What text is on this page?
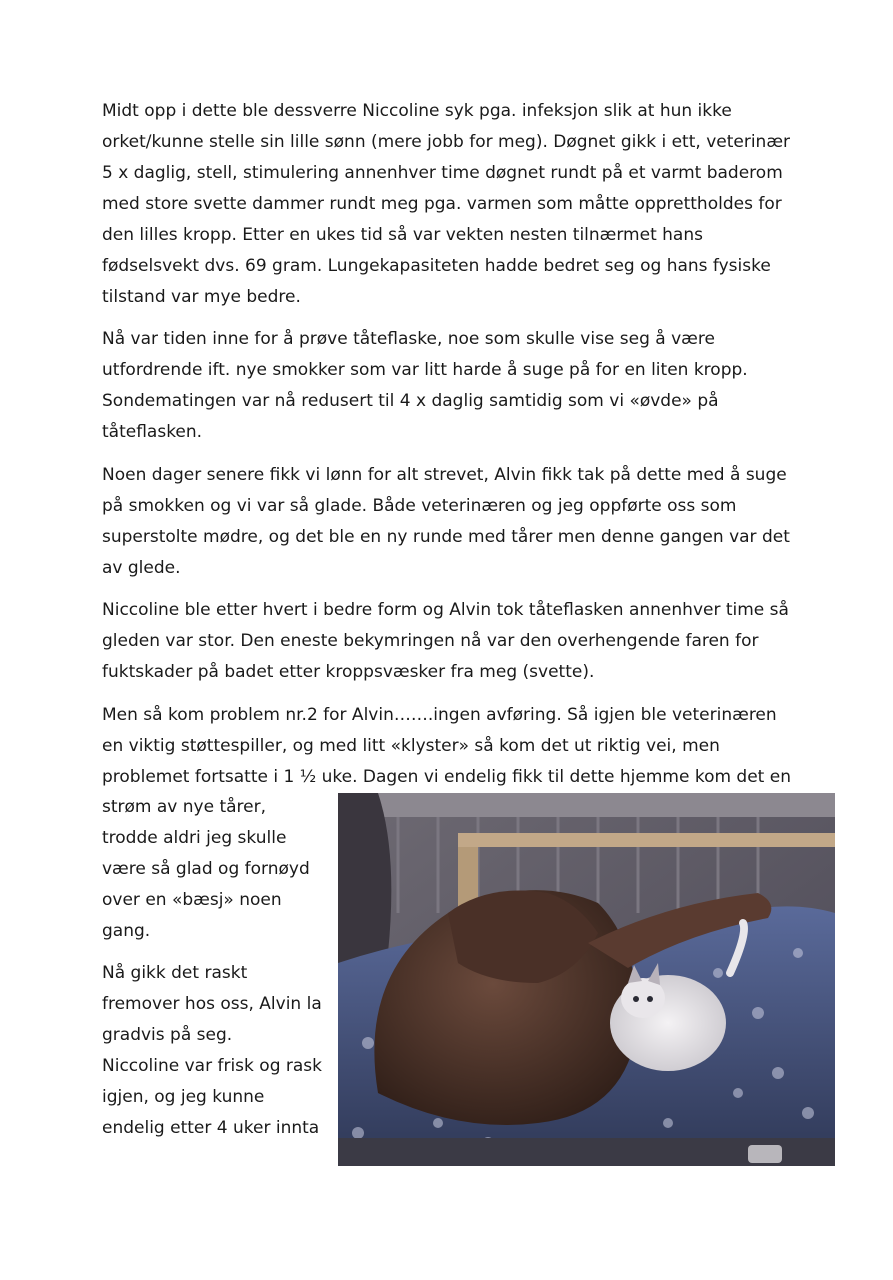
Midt opp i dette ble dessverre Niccoline syk pga. infeksjon slik at hun ikke
orket/kunne stelle sin lille sønn (mere jobb for meg). Døgnet gikk i ett, veterinær
5 x daglig, stell, stimulering annenhver time døgnet rundt på et varmt baderom
med store svette dammer rundt meg pga. varmen som måtte opprettholdes for
den lilles kropp. Etter en ukes tid så var vekten nesten tilnærmet hans
fødselsvekt dvs. 69 gram. Lungekapasiteten hadde bedret seg og hans fysiske
tilstand var mye bedre.
Nå var tiden inne for å prøve tåteflaske, noe som skulle vise seg å være
utfordrende ift. nye smokker som var litt harde å suge på for en liten kropp.
Sondematingen var nå redusert til 4 x daglig samtidig som vi «øvde» på
tåteflasken.
Noen dager senere fikk vi lønn for alt strevet, Alvin fikk tak på dette med å suge
på smokken og vi var så glade. Både veterinæren og jeg oppførte oss som
superstolte mødre, og det ble en ny runde med tårer men denne gangen var det
av glede.
Niccoline ble etter hvert i bedre form og Alvin tok tåteflasken annenhver time så
gleden var stor. Den eneste bekymringen nå var den overhengende faren for
fuktskader på badet etter kroppsvæsker fra meg (svette).
Men så kom problem nr.2 for Alvin…….ingen avføring. Så igjen ble veterinæren
en viktig støttespiller, og med litt «klyster» så kom det ut riktig vei, men
problemet fortsatte i 1 ½ uke. Dagen vi endelig fikk til dette hjemme kom det en
strøm av nye tårer,
trodde aldri jeg skulle
være så glad og fornøyd
over en «bæsj» noen
gang.
Nå gikk det raskt
fremover hos oss, Alvin la
gradvis på seg.
Niccoline var frisk og rask
igjen, og jeg kunne
endelig etter 4 uker innta
